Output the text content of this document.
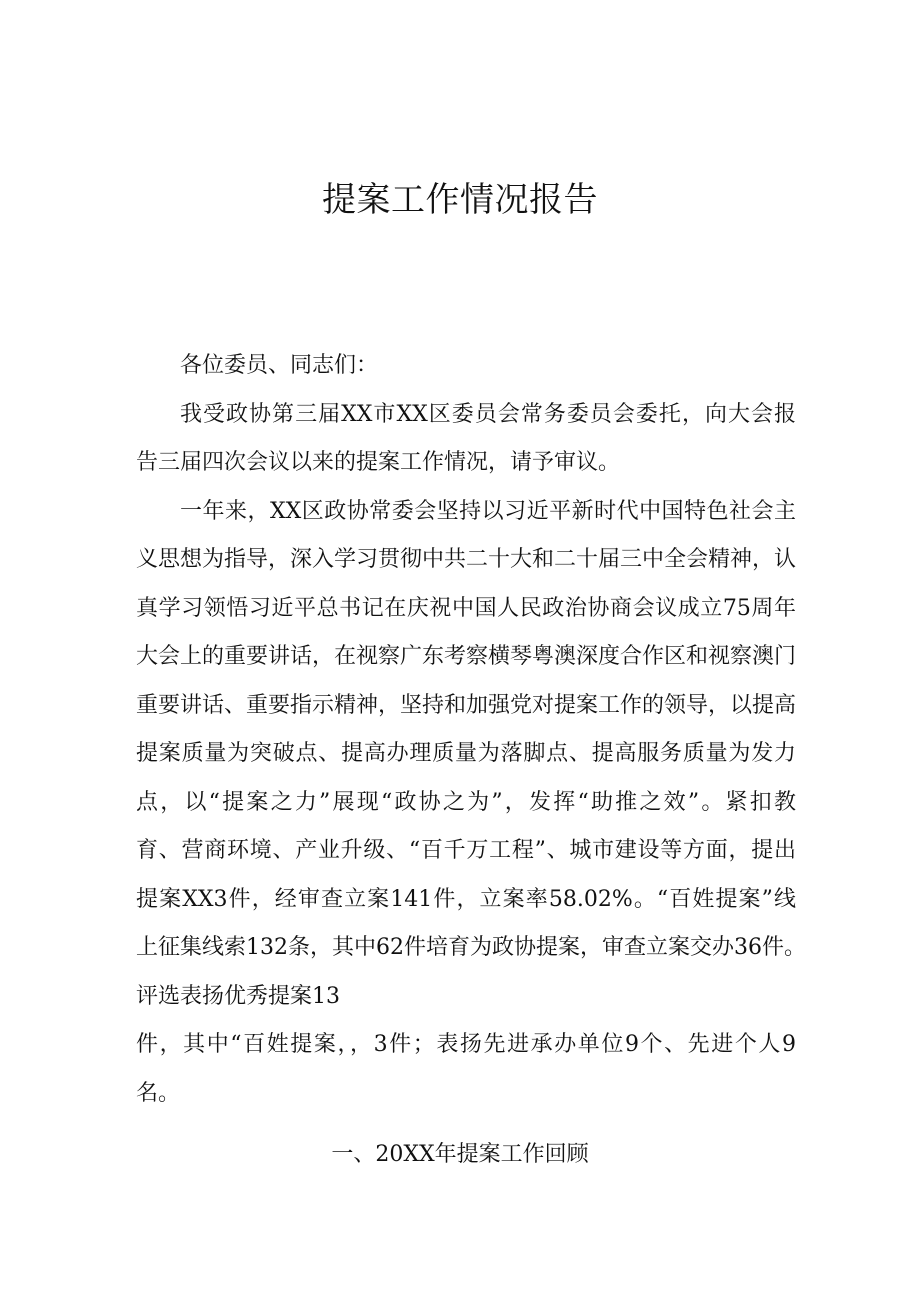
提案工作情况报告
各位委员、同志们：
我受政协第三届XX市XX区委员会常务委员会委托，向大会报
告三届四次会议以来的提案工作情况，请予审议。
一年来，XX区政协常委会坚持以习近平新时代中国特色社会主
义思想为指导，深入学习贯彻中共二十大和二十届三中全会精神，认
真学习领悟习近平总书记在庆祝中国人民政治协商会议成立75周年
大会上的重要讲话，在视察广东考察横琴粤澳深度合作区和视察澳门
重要讲话、重要指示精神，坚持和加强党对提案工作的领导，以提高
提案质量为突破点、提高办理质量为落脚点、提高服务质量为发力
点，以“提案之力”展现“政协之为”，发挥“助推之效”。紧扣教
育、营商环境、产业升级、“百千万工程”、城市建设等方面，提出
提案XX3件，经审查立案141件，立案率58.02%。“百姓提案”线
上征集线索132条，其中62件培育为政协提案，审查立案交办36件。
评选表扬优秀提案13
件，其中“百姓提案，，3件；表扬先进承办单位9个、先进个人9
名。
一、20XX年提案工作回顾
